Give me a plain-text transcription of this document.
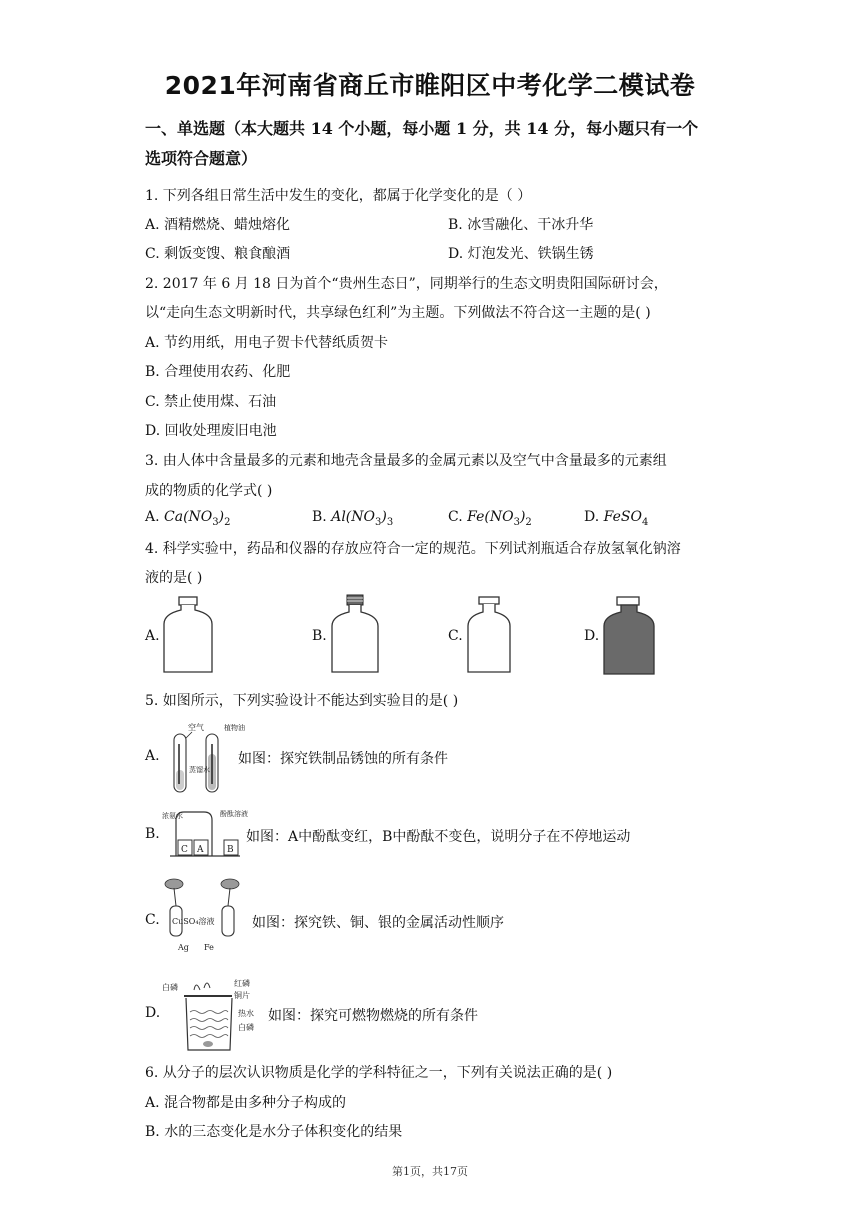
2021年河南省商丘市睢阳区中考化学二模试卷
一、单选题（本大题共 14 个小题，每小题 1 分，共 14 分，每小题只有一个
选项符合题意）
1. 下列各组日常生活中发生的变化，都属于化学变化的是（ ）
A. 酒精燃烧、蜡烛熔化	B. 冰雪融化、干冰升华
C. 剩饭变馊、粮食酿酒	D. 灯泡发光、铁锅生锈
2. 2017 年 6 月 18 日为首个“贵州生态日”，同期举行的生态文明贵阳国际研讨会，
以“走向生态文明新时代，共享绿色红利”为主题。下列做法不符合这一主题的是( )
A. 节约用纸，用电子贺卡代替纸质贺卡
B. 合理使用农药、化肥
C. 禁止使用煤、石油
D. 回收处理废旧电池
3. 由人体中含量最多的元素和地壳含量最多的金属元素以及空气中含量最多的元素组
成的物质的化学式( )
A. $Ca(NO_3)_2$	B. $Al(NO_3)_3$	C. $Fe(NO_3)_2$	D. FeSO$_4$
4. 科学实验中，药品和仪器的存放应符合一定的规范。下列试剂瓶适合存放氢氧化钠溶
液的是( )
A.	B.	C.	D.
5. 如图所示，下列实验设计不能达到实验目的是( )
A.
空气	植物油
蒸馏水
如图：探究铁制品锈蚀的所有条件
B.
浓氨水	酚酞溶液
C A	B
如图：A中酚酞变红，B中酚酞不变色，说明分子在不停地运动
C. CuSO₄溶液
Ag Fe
如图：探究铁、铜、银的金属活动性顺序
D.
白磷	红磷
铜片
热水
白磷
如图：探究可燃物燃烧的所有条件
6. 从分子的层次认识物质是化学的学科特征之一，下列有关说法正确的是( )
A. 混合物都是由多种分子构成的
B. 水的三态变化是水分子体积变化的结果
第1页，共17页
